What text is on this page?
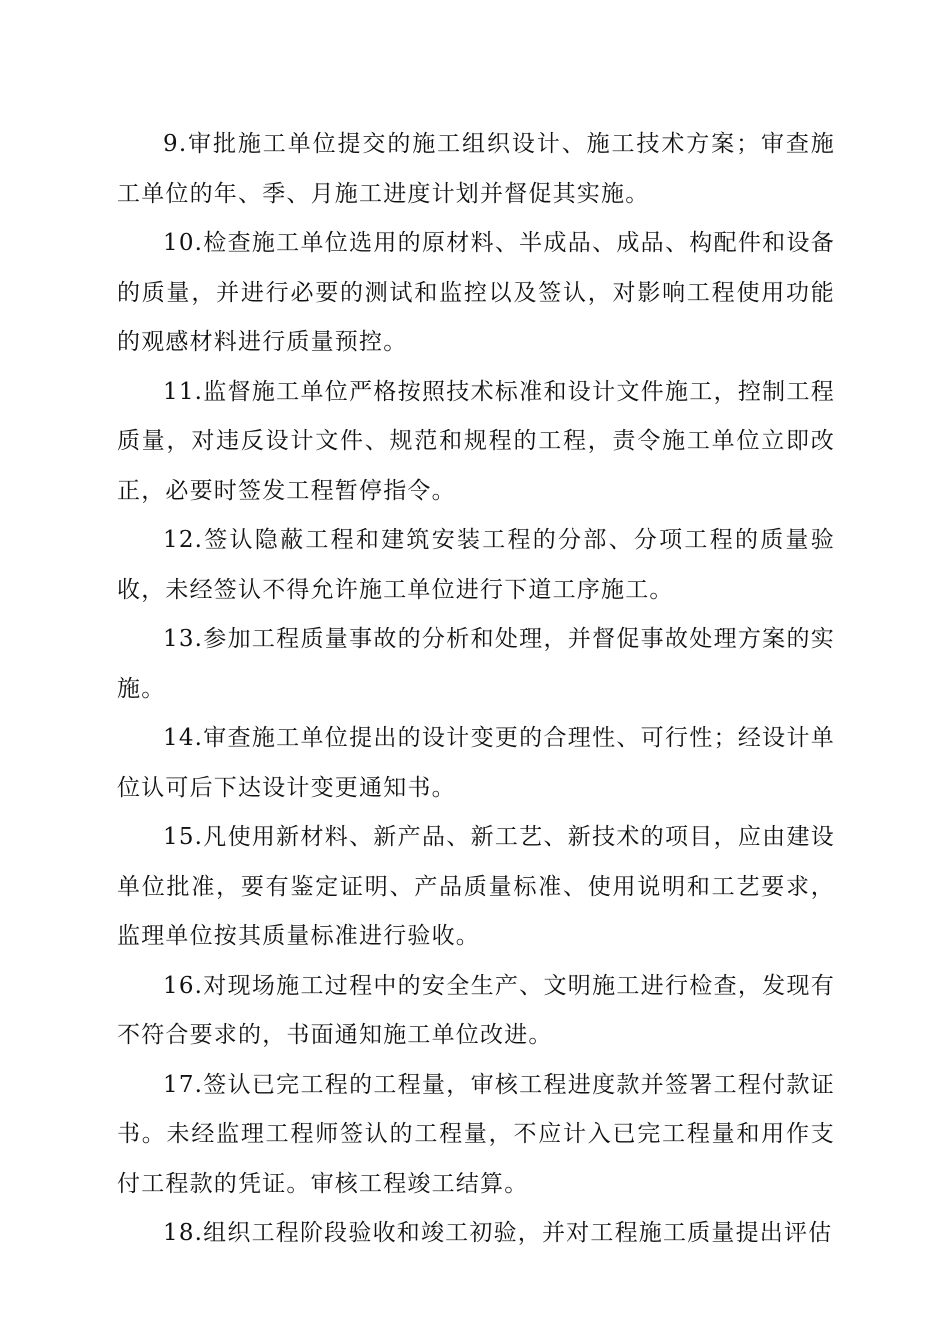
9.审批施工单位提交的施工组织设计、施工技术方案；审查施工单位的年、季、月施工进度计划并督促其实施。

10.检查施工单位选用的原材料、半成品、成品、构配件和设备的质量，并进行必要的测试和监控以及签认，对影响工程使用功能的观感材料进行质量预控。

11.监督施工单位严格按照技术标准和设计文件施工，控制工程质量，对违反设计文件、规范和规程的工程，责令施工单位立即改正，必要时签发工程暂停指令。

12.签认隐蔽工程和建筑安装工程的分部、分项工程的质量验收，未经签认不得允许施工单位进行下道工序施工。

13.参加工程质量事故的分析和处理，并督促事故处理方案的实施。

14.审查施工单位提出的设计变更的合理性、可行性；经设计单位认可后下达设计变更通知书。

15.凡使用新材料、新产品、新工艺、新技术的项目，应由建设单位批准，要有鉴定证明、产品质量标准、使用说明和工艺要求，监理单位按其质量标准进行验收。

16.对现场施工过程中的安全生产、文明施工进行检查，发现有不符合要求的，书面通知施工单位改进。

17.签认已完工程的工程量，审核工程进度款并签署工程付款证书。未经监理工程师签认的工程量，不应计入已完工程量和用作支付工程款的凭证。审核工程竣工结算。

18.组织工程阶段验收和竣工初验，并对工程施工质量提出评估
